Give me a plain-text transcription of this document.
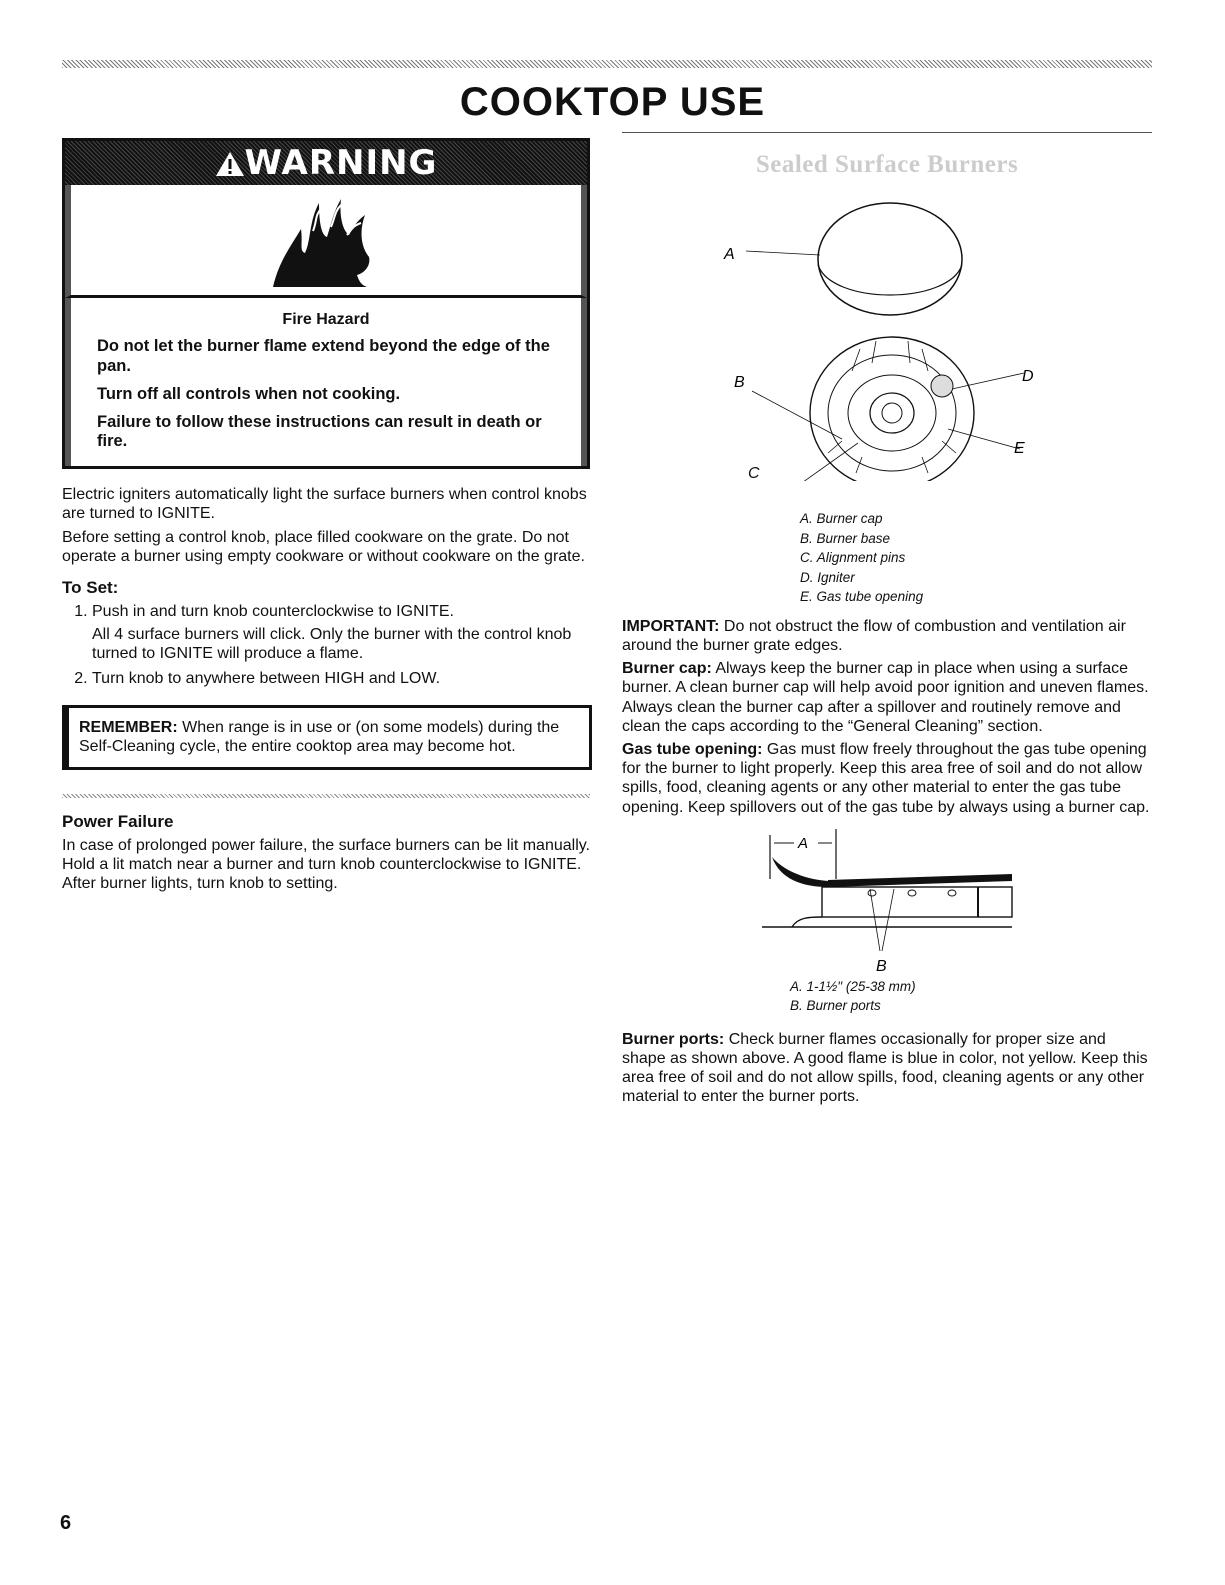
COOKTOP USE
WARNING

Fire Hazard

Do not let the burner flame extend beyond the edge of the pan.

Turn off all controls when not cooking.

Failure to follow these instructions can result in death or fire.

Electric igniters automatically light the surface burners when control knobs are turned to IGNITE.

Before setting a control knob, place filled cookware on the grate. Do not operate a burner using empty cookware or without cookware on the grate.

To Set:
1. Push in and turn knob counterclockwise to IGNITE.

All 4 surface burners will click. Only the burner with the control knob turned to IGNITE will produce a flame.

2. Turn knob to anywhere between HIGH and LOW.
REMEMBER: When range is in use or (on some models) during the Self-Cleaning cycle, the entire cooktop area may become hot.
Power Failure

In case of prolonged power failure, the surface burners can be lit manually. Hold a lit match near a burner and turn knob counterclockwise to IGNITE. After burner lights, turn knob to setting.

Sealed Surface Burners
A
B	D
E
C
A. Burner cap
B. Burner base
C. Alignment pins
D. Igniter
E. Gas tube opening

IMPORTANT: Do not obstruct the flow of combustion and ventilation air around the burner grate edges.

Burner cap: Always keep the burner cap in place when using a surface burner. A clean burner cap will help avoid poor ignition and uneven flames. Always clean the burner cap after a spillover and routinely remove and clean the caps according to the “General Cleaning” section.

Gas tube opening: Gas must flow freely throughout the gas tube opening for the burner to light properly. Keep this area free of soil and do not allow spills, food, cleaning agents or any other material to enter the gas tube opening. Keep spillovers out of the gas tube by always using a burner cap.

A
B
A. 1-1½" (25-38 mm)
B. Burner ports

Burner ports: Check burner flames occasionally for proper size and shape as shown above. A good flame is blue in color, not yellow. Keep this area free of soil and do not allow spills, food, cleaning agents or any other material to enter the burner ports.

6
